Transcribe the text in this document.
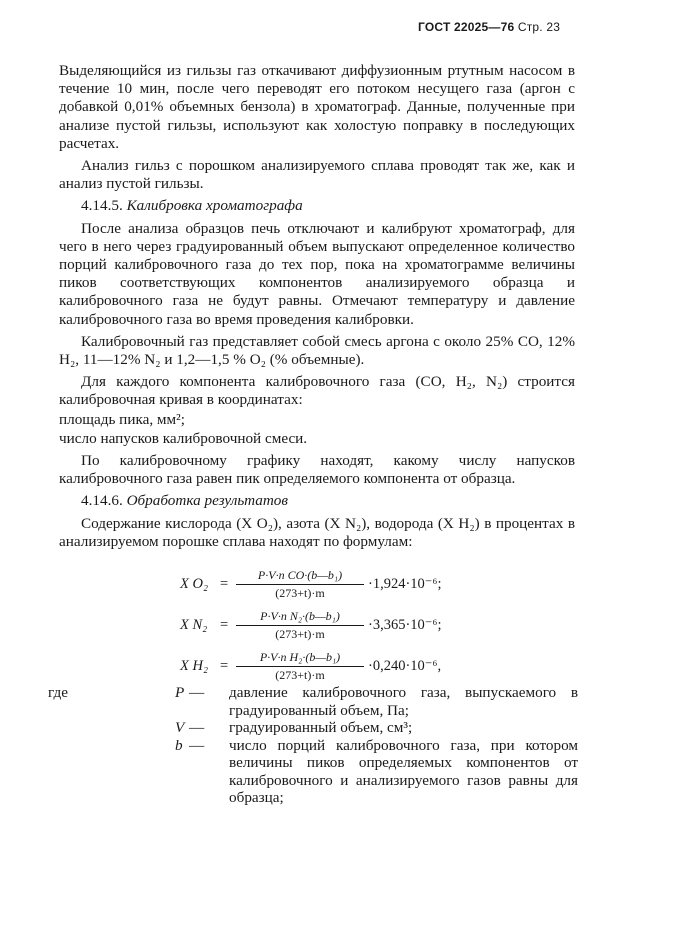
ГОСТ 22025—76 Стр. 23

Выделяющийся из гильзы газ откачивают диффузионным ртутным насосом в течение 10 мин, после чего переводят его потоком несущего газа (аргон с добавкой 0,01% объемных бензола) в хроматограф. Данные, полученные при анализе пустой гильзы, используют как холостую поправку в последующих расчетах.

Анализ гильз с порошком анализируемого сплава проводят так же, как и анализ пустой гильзы.

4.14.5. Калибровка хроматографа

После анализа образцов печь отключают и калибруют хроматограф, для чего в него через градуированный объем выпускают определенное количество порций калибровочного газа до тех пор, пока на хроматограмме величины пиков соответствующих компонентов анализируемого образца и калибровочного газа не будут равны. Отмечают температуру и давление калибровочного газа во время проведения калибровки.

Калибровочный газ представляет собой смесь аргона с около 25% CO, 12% H₂, 11—12% N₂ и 1,2—1,5 % O₂ (% объемные).

Для каждого компонента калибровочного газа (CO, H₂, N₂) строится калибровочная кривая в координатах:

площадь пика, мм²;

число напусков калибровочной смеси.

По калибровочному графику находят, какому числу напусков калибровочного газа равен пик определяемого компонента от образца.

4.14.6. Обработка результатов

Содержание кислорода (X O₂), азота (X N₂), водорода (X H₂) в процентах в анализируемом порошке сплава находят по формулам:

X $O_2 = \frac{\text{P·V·n CO·(b—b₁)}}{(273+t)\cdot m} \cdot 1,924\cdot 10^{-6}$;
X $N_2 = \frac{\text{P·V·n N₂·(b—b₁)}}{(273+t)\cdot m} \cdot 3,365\cdot 10^{-6}$;
X $H_2 = \frac{\text{P·V·n H₂·(b—b₁)}}{(273+t)\cdot m} \cdot 0,240\cdot 10^{-6}$,
где	P — давление калибровочного газа, выпускаемого в градуированный объем, Па;
V — градуированный объем, см³;
b — число порций калибровочного газа, при котором величины пиков определяемых компонентов от калибровочного и анализируемого газов равны для образца;
